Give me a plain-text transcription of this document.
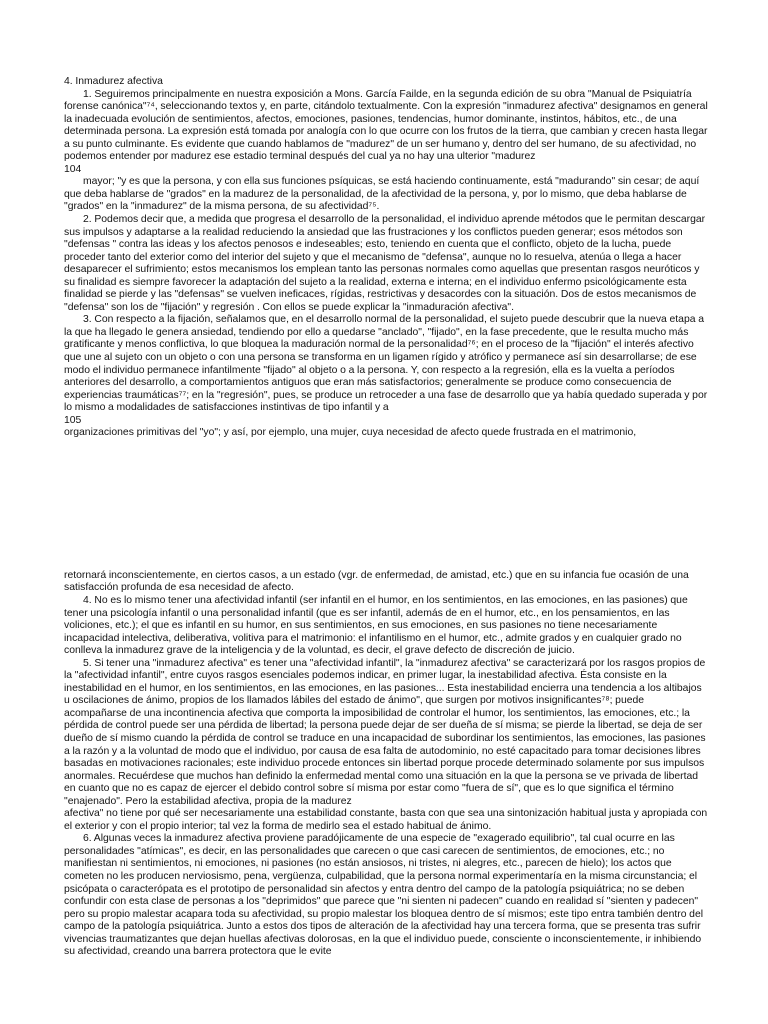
4. Inmadurez afectiva

1. Seguiremos principalmente en nuestra exposición a Mons. García Failde, en la segunda edición de su obra "Manual de Psiquiatría forense canónica"⁷⁴, seleccionando textos y, en parte, citándolo textualmente. Con la expresión "inmadurez afectiva" designamos en general la inadecuada evolución de sentimientos, afectos, emociones, pasiones, tendencias, humor dominante, instintos, hábitos, etc., de una determinada persona. La expresión está tomada por analogía con lo que ocurre con los frutos de la tierra, que cambian y crecen hasta llegar a su punto culminante. Es evidente que cuando hablamos de "madurez" de un ser humano y, dentro del ser humano, de su afectividad, no podemos entender por madurez ese estadio terminal después del cual ya no hay una ulterior "madurez

104

mayor; "y es que la persona, y con ella sus funciones psíquicas, se está haciendo continuamente, está "madurando" sin cesar; de aquí que deba hablarse de "grados" en la madurez de la personalidad, de la afectividad de la persona, y, por lo mismo, que deba hablarse de "grados" en la "inmadurez" de la misma persona, de su afectividad⁷⁵.

2. Podemos decir que, a medida que progresa el desarrollo de la personalidad, el individuo aprende métodos que le permitan descargar sus impulsos y adaptarse a la realidad reduciendo la ansiedad que las frustraciones y los conflictos pueden generar; esos métodos son "defensas " contra las ideas y los afectos penosos e indeseables; esto, teniendo en cuenta que el conflicto, objeto de la lucha, puede proceder tanto del exterior como del interior del sujeto y que el mecanismo de "defensa", aunque no lo resuelva, atenúa o llega a hacer desaparecer el sufrimiento; estos mecanismos los emplean tanto las personas normales como aquellas que presentan rasgos neuróticos y su finalidad es siempre favorecer la adaptación del sujeto a la realidad, externa e interna; en el individuo enfermo psicológicamente esta finalidad se pierde y las "defensas" se vuelven ineficaces, rígidas, restrictivas y desacordes con la situación. Dos de estos mecanismos de "defensa" son los de "fijación" y regresión . Con ellos se puede explicar la "inmaduración afectiva".

3. Con respecto a la fijación, señalamos que, en el desarrollo normal de la personalidad, el sujeto puede descubrir que la nueva etapa a la que ha llegado le genera ansiedad, tendiendo por ello a quedarse "anclado", "fijado", en la fase precedente, que le resulta mucho más gratificante y menos conflictiva, lo que bloquea la maduración normal de la personalidad⁷⁶; en el proceso de la "fijación" el interés afectivo que une al sujeto con un objeto o con una persona se transforma en un ligamen rígido y atrófico y permanece así sin desarrollarse; de ese modo el individuo permanece infantilmente "fijado" al objeto o a la persona. Y, con respecto a la regresión, ella es la vuelta a períodos anteriores del desarrollo, a comportamientos antiguos que eran más satisfactorios; generalmente se produce como consecuencia de experiencias traumáticas⁷⁷; en la "regresión", pues, se produce un retroceder a una fase de desarrollo que ya había quedado superada y por lo mismo a modalidades de satisfacciones instintivas de tipo infantil y a

105

organizaciones primitivas del "yo"; y así, por ejemplo, una mujer, cuya necesidad de afecto quede frustrada en el matrimonio,

retornará inconscientemente, en ciertos casos, a un estado (vgr. de enfermedad, de amistad, etc.) que en su infancia fue ocasión de una satisfacción profunda de esa necesidad de afecto.

4. No es lo mismo tener una afectividad infantil (ser infantil en el humor, en los sentimientos, en las emociones, en las pasiones) que tener una psicología infantil o una personalidad infantil (que es ser infantil, además de en el humor, etc., en los pensamientos, en las voliciones, etc.); el que es infantil en su humor, en sus sentimientos, en sus emociones, en sus pasiones no tiene necesariamente incapacidad intelectiva, deliberativa, volitiva para el matrimonio: el infantilismo en el humor, etc., admite grados y en cualquier grado no conlleva la inmadurez grave de la inteligencia y de la voluntad, es decir, el grave defecto de discreción de juicio.

5. Si tener una "inmadurez afectiva" es tener una "afectividad infantil", la "inmadurez afectiva" se caracterizará por los rasgos propios de la "afectividad infantil", entre cuyos rasgos esenciales podemos indicar, en primer lugar, la inestabilidad afectiva. Ésta consiste en la inestabilidad en el humor, en los sentimientos, en las emociones, en las pasiones... Esta inestabilidad encierra una tendencia a los altibajos u oscilaciones de ánimo, propios de los llamados lábiles del estado de ánimo", que surgen por motivos insignificantes⁷⁸; puede acompañarse de una incontinencia afectiva que comporta la imposibilidad de controlar el humor, los sentimientos, las emociones, etc.; la pérdida de control puede ser una pérdida de libertad; la persona puede dejar de ser dueña de sí misma; se pierde la libertad, se deja de ser dueño de sí mismo cuando la pérdida de control se traduce en una incapacidad de subordinar los sentimientos, las emociones, las pasiones a la razón y a la voluntad de modo que el individuo, por causa de esa falta de autodominio, no esté capacitado para tomar decisiones libres basadas en motivaciones racionales; este individuo procede entonces sin libertad porque procede determinado solamente por sus impulsos anormales. Recuérdese que muchos han definido la enfermedad mental como una situación en la que la persona se ve privada de libertad en cuanto que no es capaz de ejercer el debido control sobre sí misma por estar como "fuera de sí", que es lo que significa el término "enajenado". Pero la estabilidad afectiva, propia de la madurez

afectiva" no tiene por qué ser necesariamente una estabilidad constante, basta con que sea una sintonización habitual justa y apropiada con el exterior y con el propio interior; tal vez la forma de medirlo sea el estado habitual de ánimo.

6. Algunas veces la inmadurez afectiva proviene paradójicamente de una especie de "exagerado equilibrio", tal cual ocurre en las personalidades "atímicas", es decir, en las personalidades que carecen o que casi carecen de sentimientos, de emociones, etc.; no manifiestan ni sentimientos, ni emociones, ni pasiones (no están ansiosos, ni tristes, ni alegres, etc., parecen de hielo); los actos que cometen no les producen nerviosismo, pena, vergüenza, culpabilidad, que la persona normal experimentaría en la misma circunstancia; el psicópata o caracterópata es el prototipo de personalidad sin afectos y entra dentro del campo de la patología psiquiátrica; no se deben confundir con esta clase de personas a los "deprimidos" que parece que "ni sienten ni padecen" cuando en realidad sí "sienten y padecen" pero su propio malestar acapara toda su afectividad, su propio malestar los bloquea dentro de sí mismos; este tipo entra también dentro del campo de la patología psiquiátrica. Junto a estos dos tipos de alteración de la afectividad hay una tercera forma, que se presenta tras sufrir vivencias traumatizantes que dejan huellas afectivas dolorosas, en la que el individuo puede, consciente o inconscientemente, ir inhibiendo su afectividad, creando una barrera protectora que le evite
